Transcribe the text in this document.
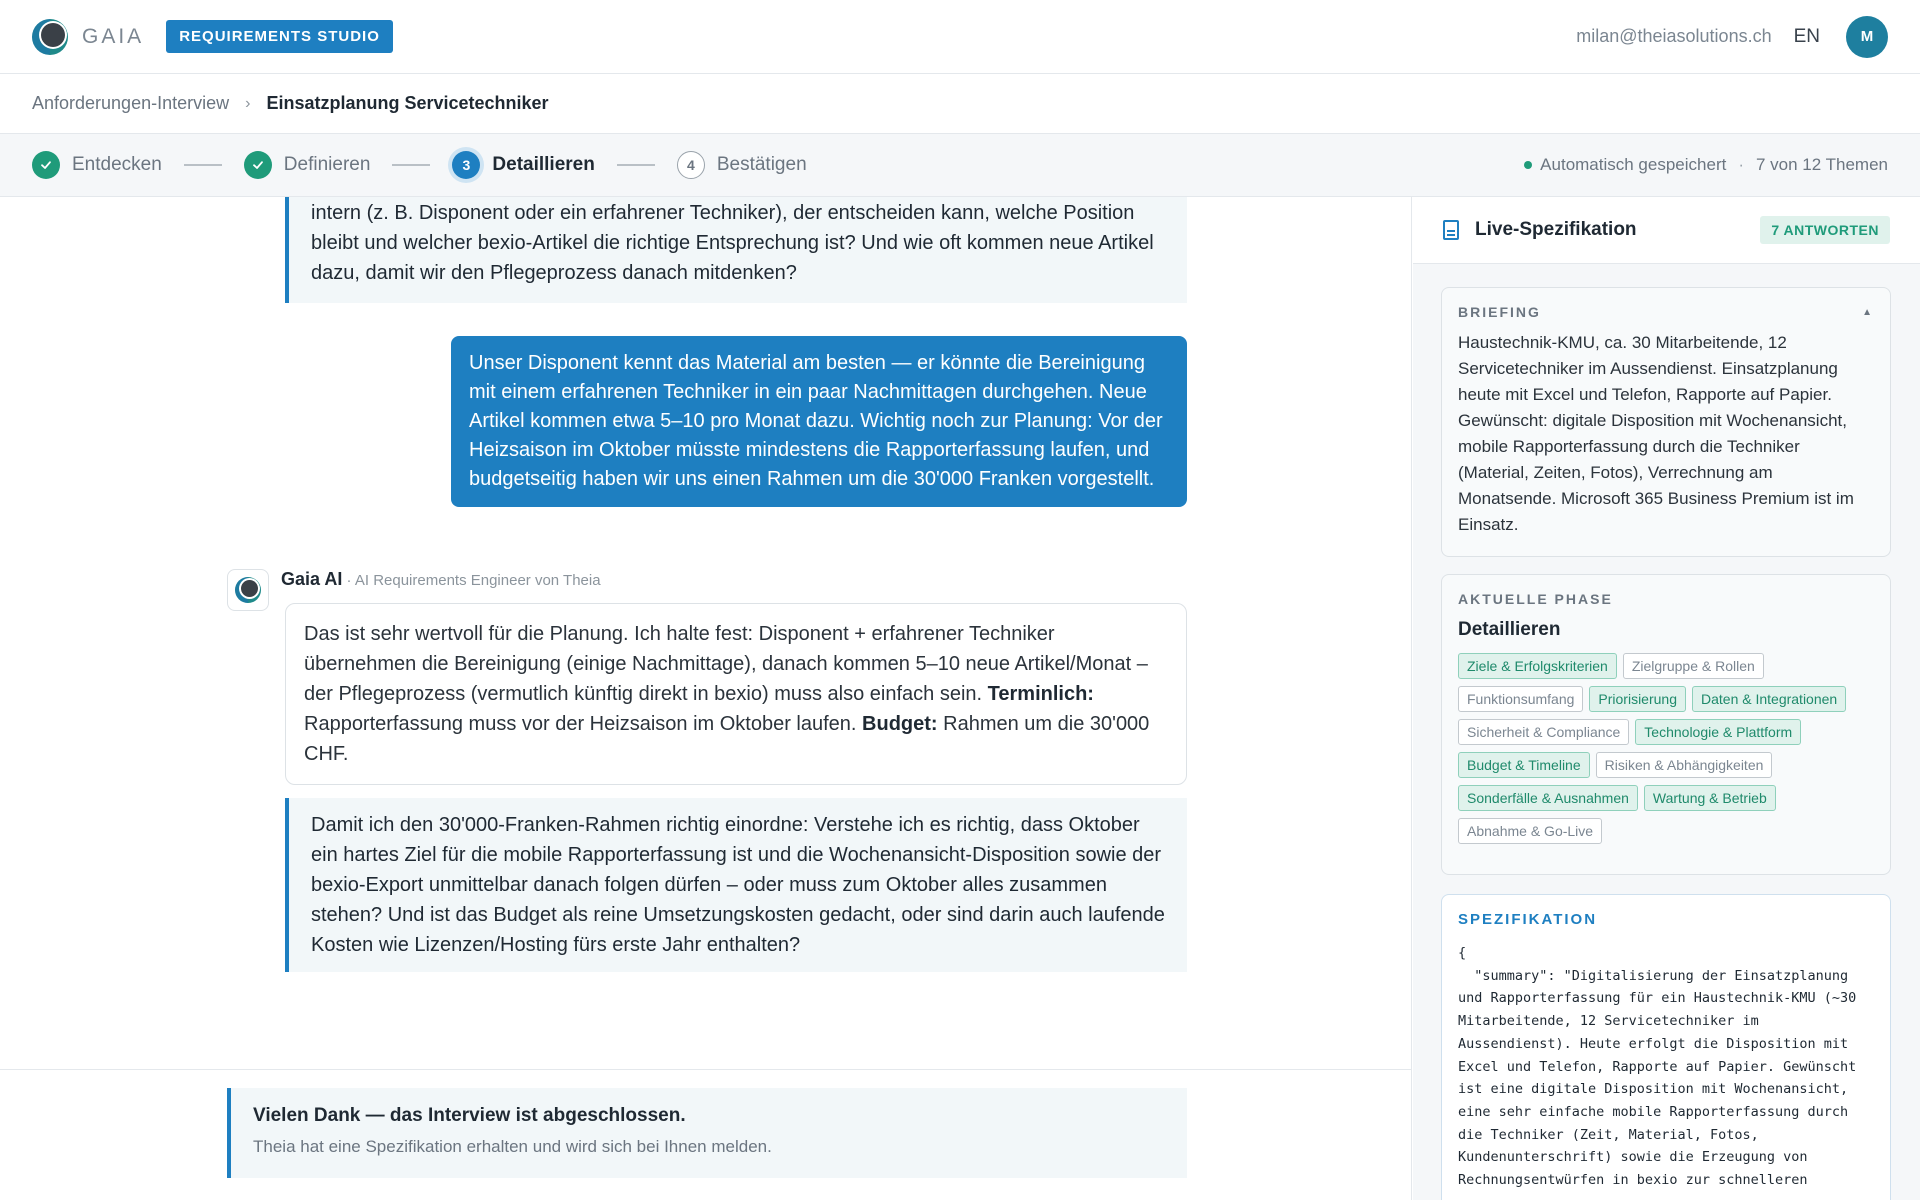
GAIA	REQUIREMENTS STUDIO	milan@theiasolutions.ch EN	M
Anforderungen-Interview › Einsatzplanung Servicetechniker
Entdecken	Definieren	3	Detaillieren	4	Bestätigen	Automatisch gespeichert · 7 von 12 Themen
intern (z. B. Disponent oder ein erfahrener Techniker), der entscheiden kann, welche Position bleibt und welcher bexio-Artikel die richtige Entsprechung ist? Und wie oft kommen neue Artikel dazu, damit wir den Pflegeprozess danach mitdenken?
Unser Disponent kennt das Material am besten — er könnte die Bereinigung mit einem erfahrenen Techniker in ein paar Nachmittagen durchgehen. Neue Artikel kommen etwa 5–10 pro Monat dazu. Wichtig noch zur Planung: Vor der Heizsaison im Oktober müsste mindestens die Rapporterfassung laufen, und budgetseitig haben wir uns einen Rahmen um die 30'000 Franken vorgestellt.
Gaia AI · AI Requirements Engineer von Theia
Das ist sehr wertvoll für die Planung. Ich halte fest: Disponent + erfahrener Techniker übernehmen die Bereinigung (einige Nachmittage), danach kommen 5–10 neue Artikel/Monat – der Pflegeprozess (vermutlich künftig direkt in bexio) muss also einfach sein. Terminlich: Rapporterfassung muss vor der Heizsaison im Oktober laufen. Budget: Rahmen um die 30'000 CHF.
Damit ich den 30'000-Franken-Rahmen richtig einordne: Verstehe ich es richtig, dass Oktober ein hartes Ziel für die mobile Rapporterfassung ist und die Wochenansicht-Disposition sowie der bexio-Export unmittelbar danach folgen dürfen – oder muss zum Oktober alles zusammen stehen? Und ist das Budget als reine Umsetzungskosten gedacht, oder sind darin auch laufende Kosten wie Lizenzen/Hosting fürs erste Jahr enthalten?
Vielen Dank — das Interview ist abgeschlossen.
Theia hat eine Spezifikation erhalten und wird sich bei Ihnen melden.
Live-Spezifikation	7 ANTWORTEN
BRIEFING	▲
Haustechnik-KMU, ca. 30 Mitarbeitende, 12 Servicetechniker im Aussendienst. Einsatzplanung heute mit Excel und Telefon, Rapporte auf Papier. Gewünscht: digitale Disposition mit Wochenansicht, mobile Rapporterfassung durch die Techniker (Material, Zeiten, Fotos), Verrechnung am Monatsende. Microsoft 365 Business Premium ist im Einsatz.
AKTUELLE PHASE
Detaillieren
Ziele & Erfolgskriterien	Zielgruppe & Rollen
Funktionsumfang	Priorisierung	Daten & Integrationen
Sicherheit & Compliance	Technologie & Plattform
Budget & Timeline	Risiken & Abhängigkeiten
Sonderfälle & Ausnahmen	Wartung & Betrieb
Abnahme & Go-Live
SPEZIFIKATION
{
"summary": "Digitalisierung der Einsatzplanung und Rapporterfassung für ein Haustechnik-KMU (~30 Mitarbeitende, 12 Servicetechniker im Aussendienst). Heute erfolgt die Disposition mit Excel und Telefon, Rapporte auf Papier. Gewünscht ist eine digitale Disposition mit Wochenansicht, eine sehr einfache mobile Rapporterfassung durch die Techniker (Zeit, Material, Fotos, Kundenunterschrift) sowie die Erzeugung von Rechnungsentwürfen in bexio zur schnelleren
